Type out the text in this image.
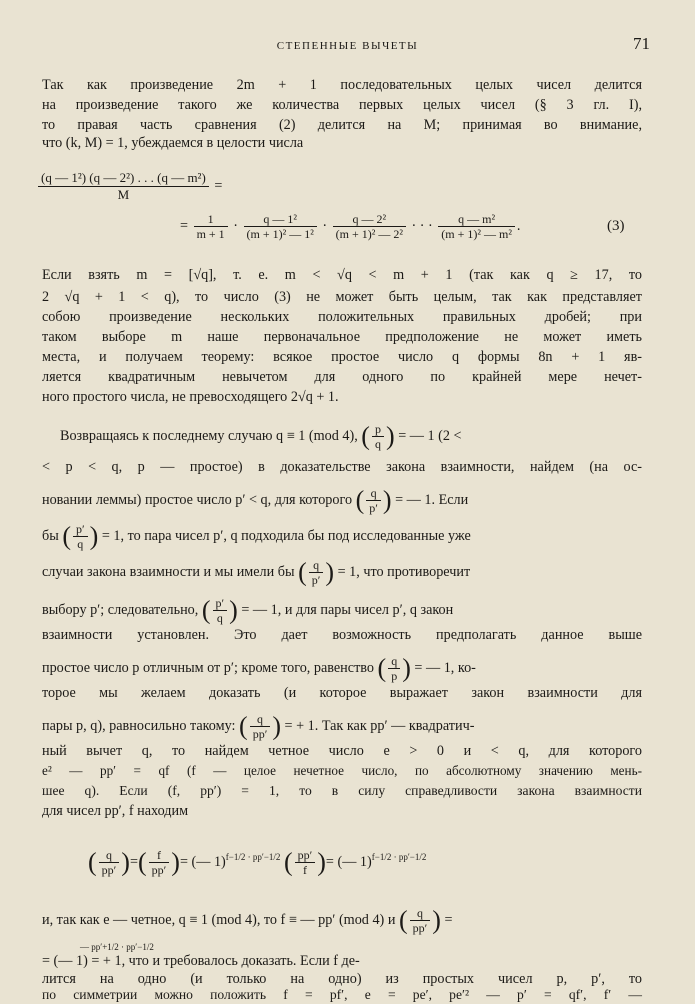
СТЕПЕННЫЕ ВЫЧЕТЫ	71
Так как произведение 2m + 1 последовательных целых чисел делится
на произведение такого же количества первых целых чисел (§ 3 гл. I),
то правая часть сравнения (2) делится на M; принимая во внимание,
что (k, M) = 1, убеждаемся в целости числа
$\frac{\text{(q — 1²) (q — 2²) . . . (q — m²)}}{M}$ =
= $\frac{1}{m + 1} \cdot \frac{\text{q — 1²}}{\text{(m + 1)² — 1²}} \cdot \frac{\text{q — 2²}}{\text{(m + 1)² — 2²}}$ · · · $\frac{\text{q — m²}}{\text{(m + 1)² — m²}}$ .	(3)
Если взять m = [√q], т. е. m < √q < m + 1 (так как q ≥ 17, то
2 √q + 1 < q), то число (3) не может быть целым, так как представляет
собою произведение нескольких положительных правильных дробей; при
таком выборе m наше первоначальное предположение не может иметь
места, и получаем теорему: всякое простое число q формы 8n + 1 яв-
ляется квадратичным невычетом для одного по крайней мере нечет-
ного простого числа, не превосходящего 2√q + 1.
Возвращаясь к последнему случаю q ≡ 1 (mod 4), ( $\frac{p}{q}$ ) = — 1 (2 <
< p < q, p — простое) в доказательстве закона взаимности, найдем (на ос-
новании леммы) простое число p′ < q, для которого ( $\frac{q}{p'}$ ) = — 1. Если
бы ( $\frac{p'}{q}$ ) = 1, то пара чисел p′, q подходила бы под исследованные уже
случаи закона взаимности и мы имели бы ( $\frac{q}{p'}$ ) = 1, что противоречит
выбору p′; следовательно, ( $\frac{p'}{q}$ ) = — 1, и для пары чисел p′, q закон
взаимности установлен. Это дает возможность предполагать данное выше
простое число p отличным от p′; кроме того, равенство ( $\frac{q}{p}$ ) = — 1, ко-
торое мы желаем доказать (и которое выражает закон взаимности для
пары p, q), равносильно такому: ( $\frac{q}{pp'}$ ) = + 1. Так как pp′ — квадратич-
ный вычет q, то найдем четное число e > 0 и < q, для которого
e² — pp′ = qf (f — целое нечетное число, по абсолютному значению мень-
шее q). Если (f, pp′) = 1, то в силу справедливости закона взаимности
для чисел pp′, f находим
( $\frac{q}{pp'}$ )=( $\frac{f}{pp'}$ )= (— 1)$^{f-1/2 \cdot pp'-1/2}$ ( $\frac{pp'}{f}$ )= (— 1)$^{f-1/2 \cdot pp'-1/2}$
и, так как e — четное, q ≡ 1 (mod 4), то f ≡ — pp′ (mod 4) и ( $\frac{q}{pp'}$ ) =
— pp′+1/2 · pp′−1/2
= (— 1) = + 1, что и требовалось доказать. Если f де-
лится на одно (и только на одно) из простых чисел p, p′, то
по симметрии можно положить f = pf′, e = pe′, pe′² — p′ = qf′, f′ —
